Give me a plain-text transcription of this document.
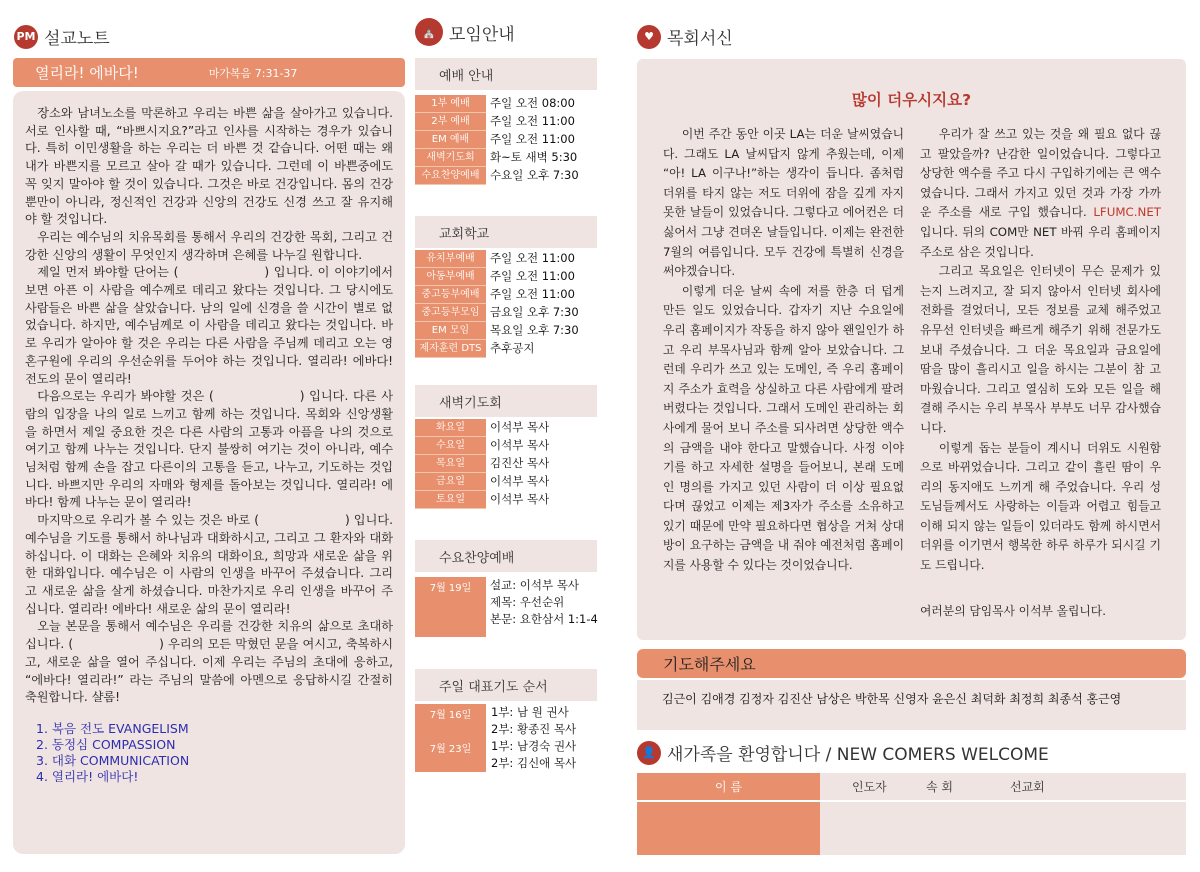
PM 설교노트
열리라! 에바다!	마가복음 7:31-37

장소와 남녀노소를 막론하고 우리는 바쁜 삶을 살아가고 있습니다. 서로 인사할 때, “바쁘시지요?”라고 인사를 시작하는 경우가 있습니다. 특히 이민생활을 하는 우리는 더 바쁜 것 같습니다. 어떤 때는 왜 내가 바쁜지를 모르고 살아 갈 때가 있습니다. 그런데 이 바쁜중에도 꼭 잊지 말아야 할 것이 있습니다. 그것은 바로 건강입니다. 몸의 건강뿐만이 아니라, 정신적인 건강과 신앙의 건강도 신경 쓰고 잘 유지해야 할 것입니다.

우리는 예수님의 치유목회를 통해서 우리의 건강한 목회, 그리고 건강한 신앙의 생활이 무엇인지 생각하며 은혜를 나누길 원합니다.

제일 먼저 봐야할 단어는 (	) 입니다. 이 이야기에서 보면 아픈 이 사람을 예수께로 데리고 왔다는 것입니다. 그 당시에도 사람들은 바쁜 삶을 살았습니다. 남의 일에 신경을 쓸 시간이 별로 없었습니다. 하지만, 예수님께로 이 사람을 데리고 왔다는 것입니다. 바로 우리가 알아야 할 것은 우리는 다른 사람을 주님께 데리고 오는 영혼구원에 우리의 우선순위를 두어야 하는 것입니다. 열리라! 에바다! 전도의 문이 열리라!

다음으로는 우리가 봐야할 것은 (	) 입니다. 다른 사람의 입장을 나의 일로 느끼고 함께 하는 것입니다. 목회와 신앙생활을 하면서 제일 중요한 것은 다른 사람의 고통과 아픔을 나의 것으로 여기고 함께 나누는 것입니다. 단지 불쌍히 여기는 것이 아니라, 예수님처럼 함께 손을 잡고 다른이의 고통을 듣고, 나누고, 기도하는 것입니다. 바쁘지만 우리의 자매와 형제를 돌아보는 것입니다. 열리라! 에바다! 함께 나누는 문이 열리라!

마지막으로 우리가 볼 수 있는 것은 바로 (	) 입니다. 예수님을 기도를 통해서 하나님과 대화하시고, 그리고 그 환자와 대화하십니다. 이 대화는 은혜와 치유의 대화이요, 희망과 새로운 삶을 위한 대화입니다. 예수님은 이 사람의 인생을 바꾸어 주셨습니다. 그리고 새로운 삶을 살게 하셨습니다. 마찬가지로 우리 인생을 바꾸어 주십니다. 열리라! 에바다! 새로운 삶의 문이 열리라!

오늘 본문을 통해서 예수님은 우리를 건강한 치유의 삶으로 초대하십니다. (	) 우리의 모든 막혔던 문을 여시고, 축복하시고, 새로운 삶을 열어 주십니다. 이제 우리는 주님의 초대에 응하고, “에바다! 열리라!” 라는 주님의 말씀에 아멘으로 응답하시길 간절히 축원합니다. 샬롬!

1. 복음 전도 EVANGELISM
2. 동정심 COMPASSION
3. 대화 COMMUNICATION
4. 열리라! 에바다!
⛪ 모임안내
예배 안내
1부 예배	주일 오전 08:00
2부 예배	주일 오전 11:00
EM 예배	주일 오전 11:00
새벽기도회	화~토 새벽 5:30
수요찬양예배	수요일 오후 7:30
교회학교
유치부예배	주일 오전 11:00
아동부예배	주일 오전 11:00
중고등부예배	주일 오전 11:00
중고등부모임	금요일 오후 7:30
EM 모임	목요일 오후 7:30
제자훈련 DTS	추후공지
새벽기도회
화요일	이석부 목사
수요일	이석부 목사
목요일	김진산 목사
금요일	이석부 목사
토요일	이석부 목사
수요찬양예배
7월 19일	설교: 이석부 목사
제목: 우선순위
본문: 요한삼서 1:1-4
주일 대표기도 순서
7월 16일	1부: 남 원 권사
2부: 황종진 목사
7월 23일	1부: 남경숙 권사
2부: 김신애 목사
♥ 목회서신
많이 더우시지요?

이번 주간 동안 이곳 LA는 더운 날씨였습니다. 그래도 LA 날씨답지 않게 추웠는데, 이제 “아! LA 이구나!”하는 생각이 듭니다. 좀처럼 더위를 타지 않는 저도 더위에 잠을 깊게 자지 못한 날들이 있었습니다. 그렇다고 에어컨은 더 싫어서 그냥 견뎌온 날들입니다. 이제는 완전한 7월의 여름입니다. 모두 건강에 특별히 신경을 써야겠습니다.

이렇게 더운 날씨 속에 저를 한층 더 덥게 만든 일도 있었습니다. 갑자기 지난 수요일에 우리 홈페이지가 작동을 하지 않아 왠일인가 하고 우리 부목사님과 함께 알아 보았습니다. 그런데 우리가 쓰고 있는 도메인, 즉 우리 홈페이지 주소가 효력을 상실하고 다른 사람에게 팔려버렸다는 것입니다. 그래서 도메인 관리하는 회사에게 물어 보니 주소를 되사려면 상당한 액수의 금액을 내야 한다고 말했습니다. 사정 이야기를 하고 자세한 설명을 들어보니, 본래 도메인 명의를 가지고 있던 사람이 더 이상 필요없다며 끊었고 이제는 제3자가 주소를 소유하고 있기 때문에 만약 필요하다면 협상을 거쳐 상대방이 요구하는 금액을 내 줘야 예전처럼 홈페이지를 사용할 수 있다는 것이었습니다.

우리가 잘 쓰고 있는 것을 왜 필요 없다 끊고 팔았을까? 난감한 일이었습니다. 그렇다고 상당한 액수를 주고 다시 구입하기에는 큰 액수였습니다. 그래서 가지고 있던 것과 가장 가까운 주소를 새로 구입 했습니다. LFUMC.NET 입니다. 뒤의 COM만 NET 바꿔 우리 홈페이지 주소로 삼은 것입니다.

그리고 목요일은 인터넷이 무슨 문제가 있는지 느려지고, 잘 되지 않아서 인터넷 회사에 전화를 걸었더니, 모든 정보를 교체 해주었고 유무선 인터넷을 빠르게 해주기 위해 전문가도 보내 주셨습니다. 그 더운 목요일과 금요일에 땀을 많이 흘리시고 일을 하시는 그분이 참 고마웠습니다. 그리고 열심히 도와 모든 일을 해결해 주시는 우리 부목사 부부도 너무 감사했습니다.

이렇게 돕는 분들이 계시니 더위도 시원함으로 바뀌었습니다. 그리고 같이 흘린 땀이 우리의 동지애도 느끼게 해 주었습니다. 우리 성도님들께서도 사랑하는 이들과 어렵고 힘들고 이해 되지 않는 일들이 있더라도 함께 하시면서 더위를 이기면서 행복한 하루 하루가 되시길 기도 드립니다.

여러분의 담임목사 이석부 올립니다.
기도해주세요
김근이 김애경 김정자 김진산 남상은 박한목 신영자 윤은신 최덕화 최정희 최종석 홍근영
👤 새가족을 환영합니다 / NEW COMERS WELCOME
이 름	인도자	속 회	선교회
